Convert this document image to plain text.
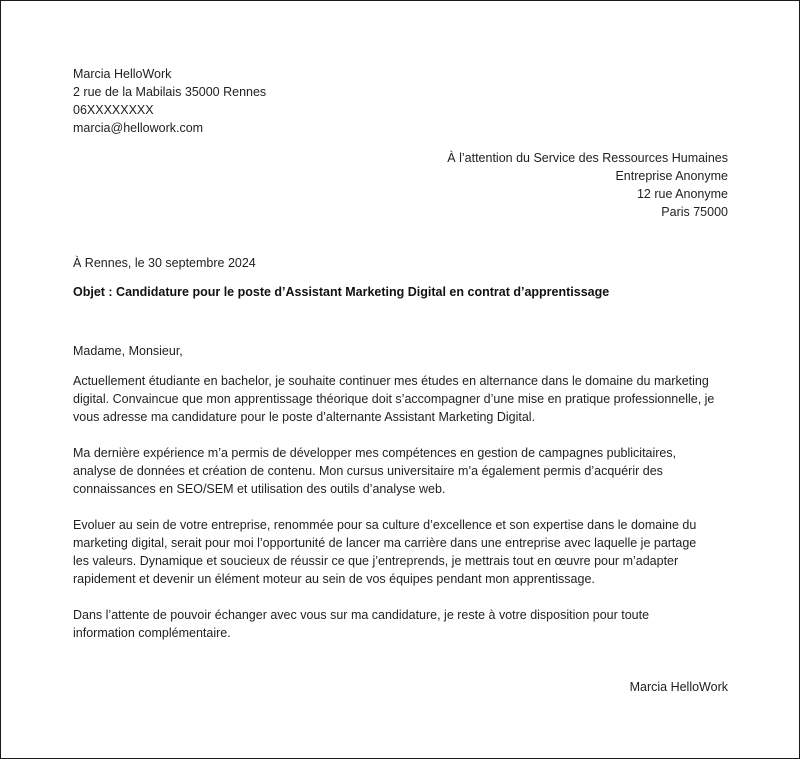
Marcia HelloWork
2 rue de la Mabilais 35000 Rennes
06XXXXXXXX
marcia@hellowork.com
À l’attention du Service des Ressources Humaines
Entreprise Anonyme
12 rue Anonyme
Paris 75000
À Rennes, le 30 septembre 2024
Objet : Candidature pour le poste d’Assistant Marketing Digital en contrat d’apprentissage
Madame, Monsieur,
Actuellement étudiante en bachelor, je souhaite continuer mes études en alternance dans le domaine du marketing
digital. Convaincue que mon apprentissage théorique doit s’accompagner d’une mise en pratique professionnelle, je
vous adresse ma candidature pour le poste d’alternante Assistant Marketing Digital.
Ma dernière expérience m’a permis de développer mes compétences en gestion de campagnes publicitaires,
analyse de données et création de contenu. Mon cursus universitaire m’a également permis d’acquérir des
connaissances en SEO/SEM et utilisation des outils d’analyse web.
Evoluer au sein de votre entreprise, renommée pour sa culture d’excellence et son expertise dans le domaine du
marketing digital, serait pour moi l’opportunité de lancer ma carrière dans une entreprise avec laquelle je partage
les valeurs. Dynamique et soucieux de réussir ce que j’entreprends, je mettrais tout en œuvre pour m’adapter
rapidement et devenir un élément moteur au sein de vos équipes pendant mon apprentissage.
Dans l’attente de pouvoir échanger avec vous sur ma candidature, je reste à votre disposition pour toute
information complémentaire.
Marcia HelloWork
